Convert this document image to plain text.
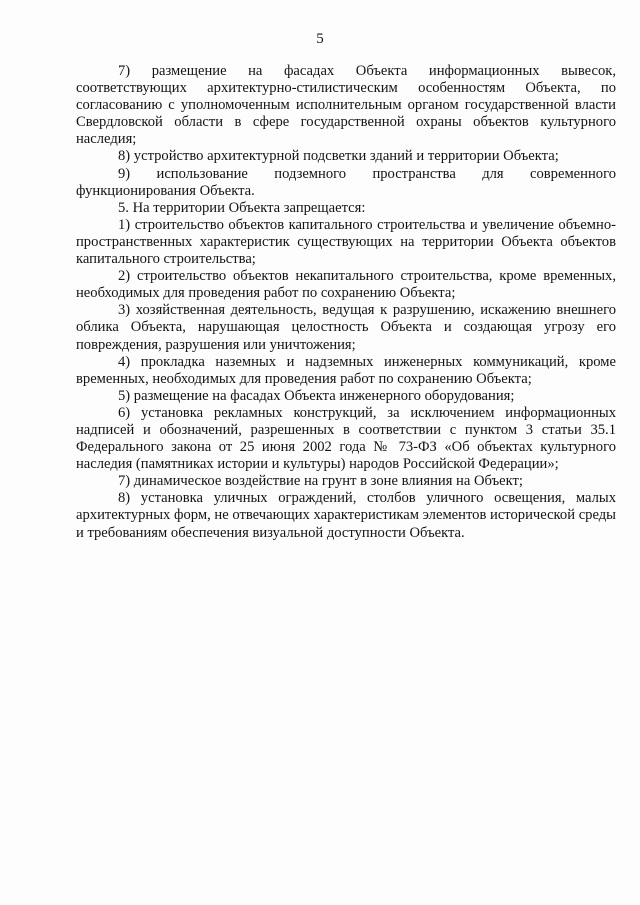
5

7) размещение на фасадах Объекта информационных вывесок, соответствующих архитектурно-стилистическим особенностям Объекта, по согласованию с уполномоченным исполнительным органом государственной власти Свердловской области в сфере государственной охраны объектов культурного наследия;

8) устройство архитектурной подсветки зданий и территории Объекта;

9) использование подземного пространства для современного функционирования Объекта.

5. На территории Объекта запрещается:

1) строительство объектов капитального строительства и увеличение объемно-пространственных характеристик существующих на территории Объекта объектов капитального строительства;

2) строительство объектов некапитального строительства, кроме временных, необходимых для проведения работ по сохранению Объекта;

3) хозяйственная деятельность, ведущая к разрушению, искажению внешнего облика Объекта, нарушающая целостность Объекта и создающая угрозу его повреждения, разрушения или уничтожения;

4) прокладка наземных и надземных инженерных коммуникаций, кроме временных, необходимых для проведения работ по сохранению Объекта;

5) размещение на фасадах Объекта инженерного оборудования;

6) установка рекламных конструкций, за исключением информационных надписей и обозначений, разрешенных в соответствии с пунктом 3 статьи 35.1 Федерального закона от 25 июня 2002 года № 73-ФЗ «Об объектах культурного наследия (памятниках истории и культуры) народов Российской Федерации»;

7) динамическое воздействие на грунт в зоне влияния на Объект;

8) установка уличных ограждений, столбов уличного освещения, малых архитектурных форм, не отвечающих характеристикам элементов исторической среды и требованиям обеспечения визуальной доступности Объекта.
